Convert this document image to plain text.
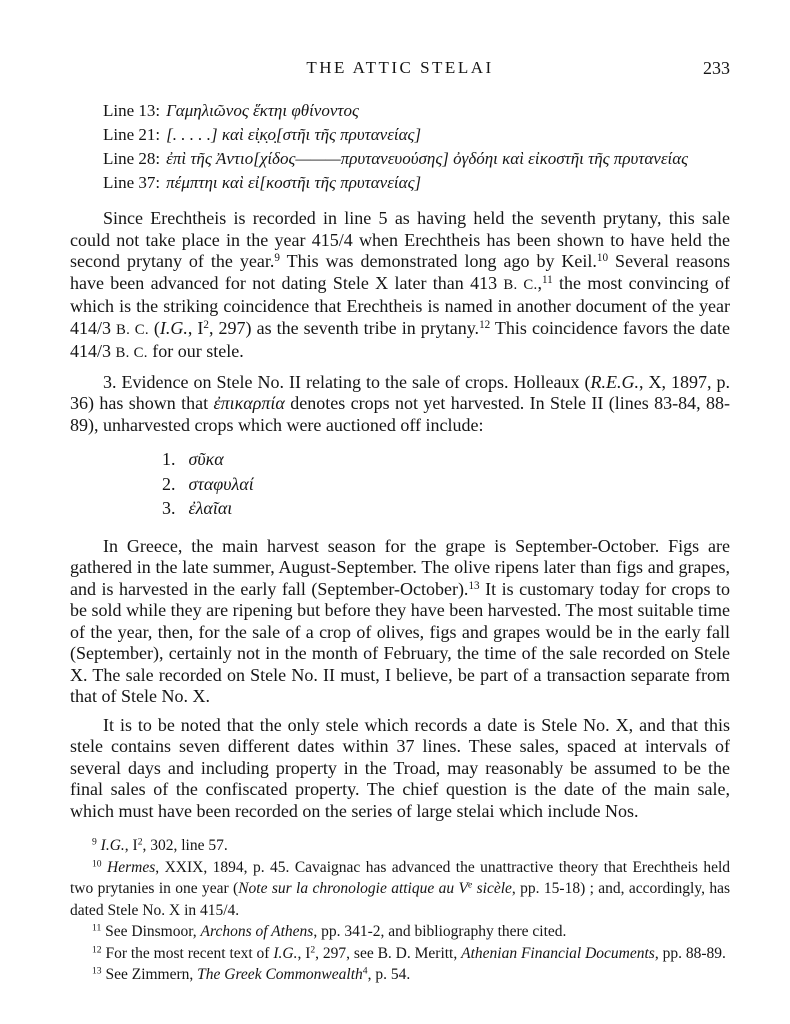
THE ATTIC STELAI	233
Line 13: Γαμηλιῶνος ἕκτηι φθίνοντος
Line 21: [. . . . .] καὶ εἰ̣κ̣ο̣[στῆι τῆς πρυτανείας]
Line 28: ἐπὶ τῆς Ἀντιο[χίδος———πρυτανευούσης] ὀγδόηι καὶ εἰκοστῆι τῆς πρυτανείας
Line 37: πέμπτηι καὶ εἰ[κοστῆι τῆς πρυτανείας]

Since Erechtheis is recorded in line 5 as having held the seventh prytany, this sale could not take place in the year 415/4 when Erechtheis has been shown to have held the second prytany of the year.$^9$ This was demonstrated long ago by Keil.$^{10}$ Several reasons have been advanced for not dating Stele X later than 413 B. C.,$^{11}$ the most convincing of which is the striking coincidence that Erechtheis is named in another document of the year 414/3 B. C. (I.G., $I^2$, 297) as the seventh tribe in prytany.$^{12}$ This coincidence favors the date 414/3 B. C. for our stele.

3. Evidence on Stele No. II relating to the sale of crops. Holleaux (R.E.G., X, 1897, p. 36) has shown that ἐπικαρπία denotes crops not yet harvested. In Stele II (lines 83-84, 88-89), unharvested crops which were auctioned off include:

1. σῦκα
2. σταφυλαί
3. ἐλαῖαι

In Greece, the main harvest season for the grape is September-October. Figs are gathered in the late summer, August-September. The olive ripens later than figs and grapes, and is harvested in the early fall (September-October).$^{13}$ It is customary today for crops to be sold while they are ripening but before they have been harvested. The most suitable time of the year, then, for the sale of a crop of olives, figs and grapes would be in the early fall (September), certainly not in the month of February, the time of the sale recorded on Stele X. The sale recorded on Stele No. II must, I believe, be part of a transaction separate from that of Stele No. X.

It is to be noted that the only stele which records a date is Stele No. X, and that this stele contains seven different dates within 37 lines. These sales, spaced at intervals of several days and including property in the Troad, may reasonably be assumed to be the final sales of the confiscated property. The chief question is the date of the main sale, which must have been recorded on the series of large stelai which include Nos.

$^9$ I.G., $I^2$, 302, line 57.

$^{10}$ Hermes, XXIX, 1894, p. 45. Cavaignac has advanced the unattractive theory that Erechtheis held two prytanies in one year (Note sur la chronologie attique au Ve sicèle, pp. 15-18) ; and, accordingly, has dated Stele No. X in 415/4.

$^{11}$ See Dinsmoor, Archons of Athens, pp. 341-2, and bibliography there cited.

$^{12}$ For the most recent text of I.G., $I^2$, 297, see B. D. Meritt, Athenian Financial Documents, pp. 88-89.

$^{13}$ See Zimmern, The Greek Commonwealth$^4$, p. 54.
